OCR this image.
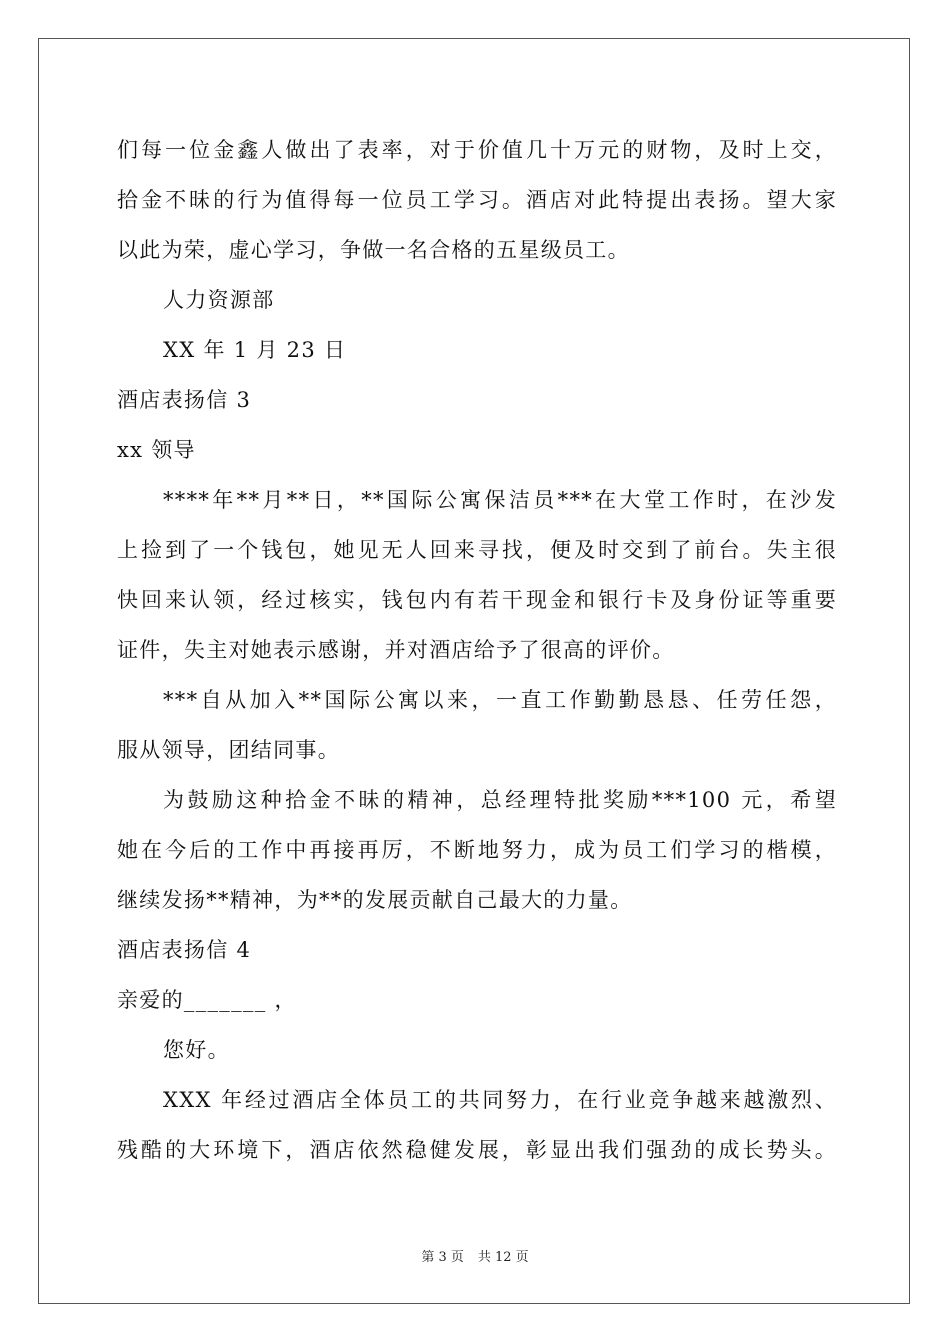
们每一位金鑫人做出了表率，对于价值几十万元的财物，及时上交，
拾金不昧的行为值得每一位员工学习。酒店对此特提出表扬。望大家
以此为荣，虚心学习，争做一名合格的五星级员工。
人力资源部
XX 年 1 月 23 日
酒店表扬信 3
xx 领导
****年**月**日，**国际公寓保洁员***在大堂工作时，在沙发
上捡到了一个钱包，她见无人回来寻找，便及时交到了前台。失主很
快回来认领，经过核实，钱包内有若干现金和银行卡及身份证等重要
证件，失主对她表示感谢，并对酒店给予了很高的评价。
***自从加入**国际公寓以来，一直工作勤勤恳恳、任劳任怨，
服从领导，团结同事。
为鼓励这种拾金不昧的精神，总经理特批奖励***100 元，希望
她在今后的工作中再接再厉，不断地努力，成为员工们学习的楷模，
继续发扬**精神，为**的发展贡献自己最大的力量。
酒店表扬信 4
亲爱的_______ ，
您好。
XXX 年经过酒店全体员工的共同努力，在行业竞争越来越激烈、
残酷的大环境下，酒店依然稳健发展，彰显出我们强劲的成长势头。
第 3 页 共 12 页
